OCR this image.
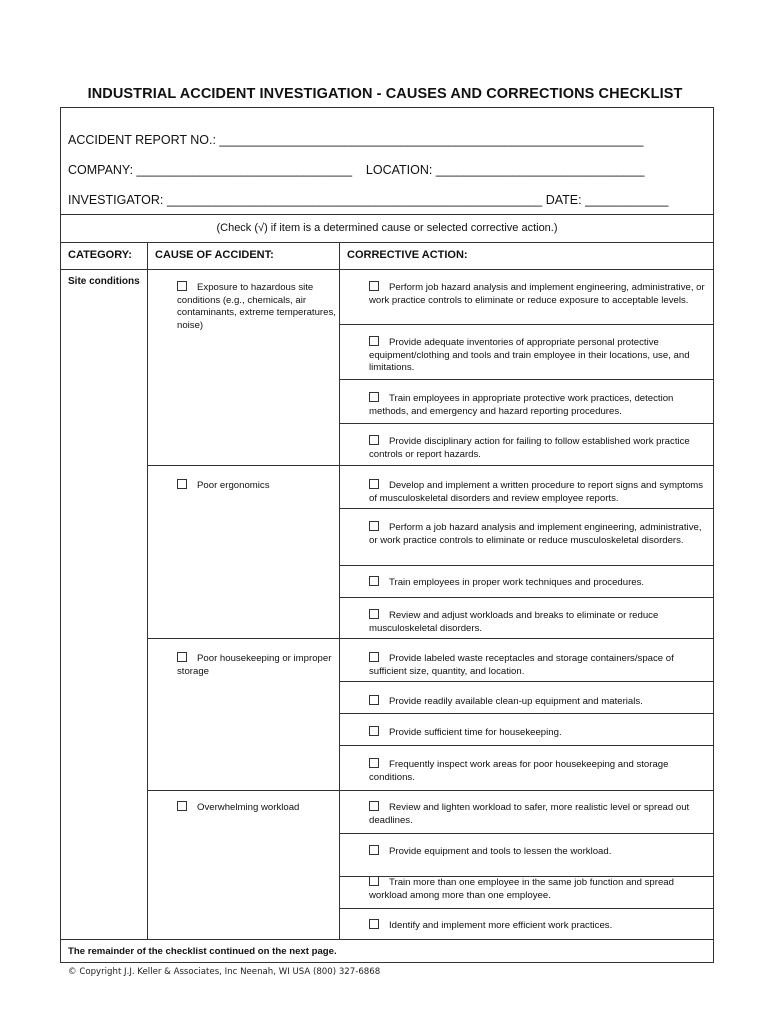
INDUSTRIAL ACCIDENT INVESTIGATION - CAUSES AND CORRECTIONS CHECKLIST
ACCIDENT REPORT NO.: _____________________________________________________________
COMPANY: _______________________________    LOCATION: ______________________________
INVESTIGATOR: ______________________________________________________ DATE: ____________
(Check (√) if item is a determined cause or selected corrective action.)
CATEGORY: CAUSE OF ACCIDENT:	CORRECTIVE ACTION:
Site conditions
Exposure to hazardous site conditions (e.g., chemicals, air contaminants, extreme temperatures, noise)
Poor ergonomics
Poor housekeeping or improper storage
Overwhelming workload
Perform job hazard analysis and implement engineering, administrative, or work practice controls to eliminate or reduce exposure to acceptable levels.
Provide adequate inventories of appropriate personal protective equipment/clothing and tools and train employee in their locations, use, and limitations.
Train employees in appropriate protective work practices, detection methods, and emergency and hazard reporting procedures.
Provide disciplinary action for failing to follow established work practice controls or report hazards.
Develop and implement a written procedure to report signs and symptoms of musculoskeletal disorders and review employee reports.
Perform a job hazard analysis and implement engineering, administrative, or work practice controls to eliminate or reduce musculoskeletal disorders.
Train employees in proper work techniques and procedures.
Review and adjust workloads and breaks to eliminate or reduce musculoskeletal disorders.
Provide labeled waste receptacles and storage containers/space of sufficient size, quantity, and location.
Provide readily available clean-up equipment and materials.
Provide sufficient time for housekeeping.
Frequently inspect work areas for poor housekeeping and storage conditions.
Review and lighten workload to safer, more realistic level or spread out deadlines.
Provide equipment and tools to lessen the workload.
Train more than one employee in the same job function and spread workload among more than one employee.
Identify and implement more efficient work practices.
The remainder of the checklist continued on the next page.
© Copyright J.J. Keller & Associates, Inc Neenah, WI USA (800) 327-6868
